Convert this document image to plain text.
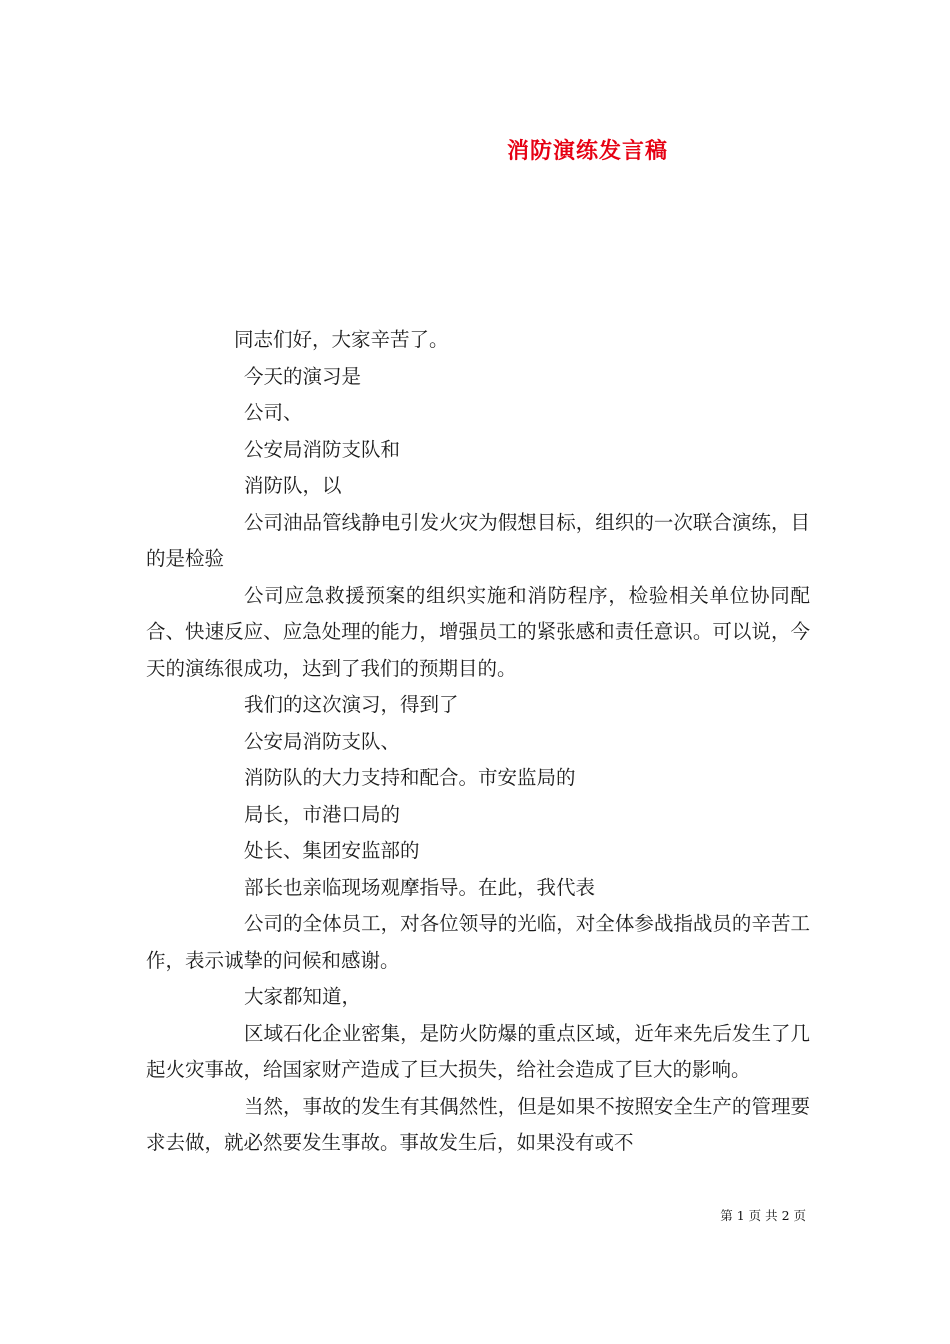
消防演练发言稿

同志们好，大家辛苦了。

今天的演习是

公司、

公安局消防支队和

消防队，以

公司油品管线静电引发火灾为假想目标，组织的一次联合演练，目的是检验

公司应急救援预案的组织实施和消防程序，检验相关单位协同配合、快速反应、应急处理的能力，增强员工的紧张感和责任意识。可以说，今天的演练很成功，达到了我们的预期目的。

我们的这次演习，得到了

公安局消防支队、

消防队的大力支持和配合。市安监局的

局长，市港口局的

处长、集团安监部的

部长也亲临现场观摩指导。在此，我代表

公司的全体员工，对各位领导的光临，对全体参战指战员的辛苦工作，表示诚挚的问候和感谢。

大家都知道，

区域石化企业密集，是防火防爆的重点区域，近年来先后发生了几起火灾事故，给国家财产造成了巨大损失，给社会造成了巨大的影响。

当然，事故的发生有其偶然性，但是如果不按照安全生产的管理要求去做，就必然要发生事故。事故发生后，如果没有或不

第 1 页 共 2 页
